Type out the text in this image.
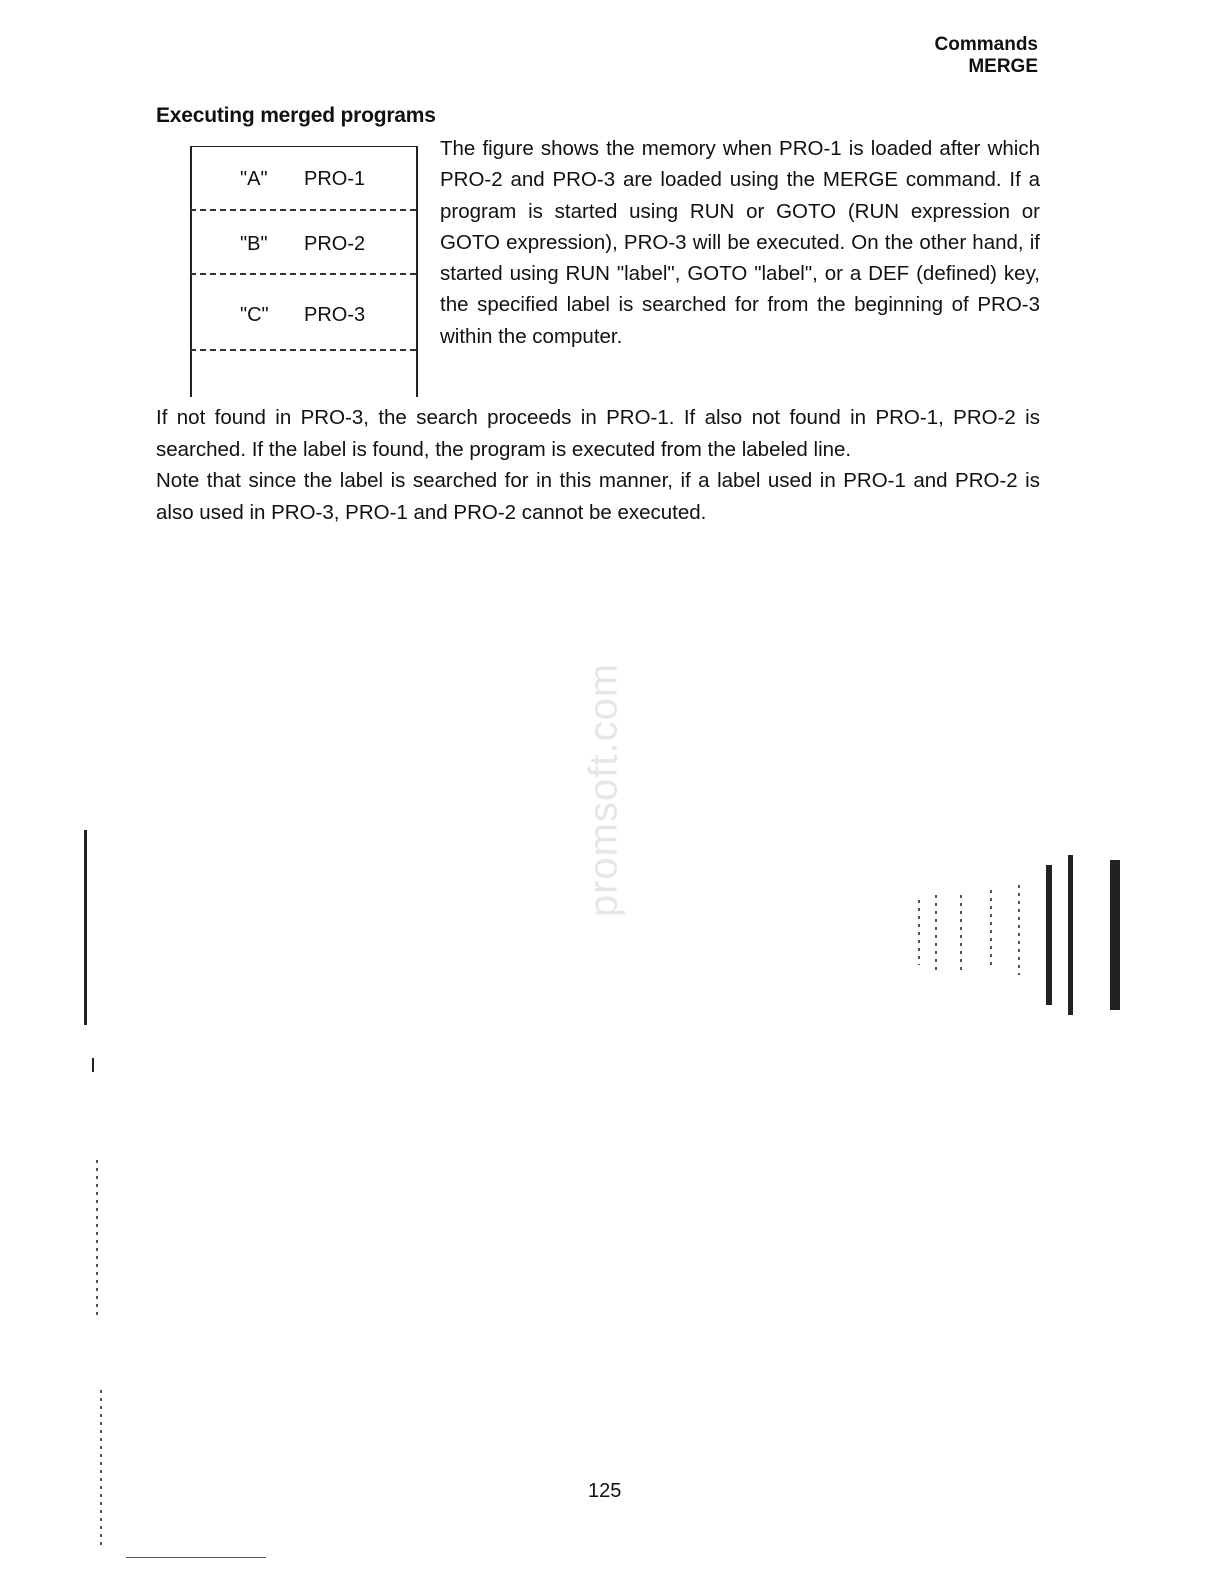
Commands
MERGE
Executing merged programs
"A" PRO-1
"B" PRO-2
"C" PRO-3

The figure shows the memory when PRO-1 is loaded after which PRO-2 and PRO-3 are loaded using the MERGE command. If a program is started using RUN or GOTO (RUN expression or GOTO expression), PRO-3 will be executed. On the other hand, if started using RUN "label", GOTO "label", or a DEF (defined) key, the specified label is searched for from the beginning of PRO-3 within the computer.

If not found in PRO-3, the search proceeds in PRO-1. If also not found in PRO-1, PRO-2 is searched. If the label is found, the program is executed from the labeled line.

Note that since the label is searched for in this manner, if a label used in PRO-1 and PRO-2 is also used in PRO-3, PRO-1 and PRO-2 cannot be executed.

promsoft.com
125
